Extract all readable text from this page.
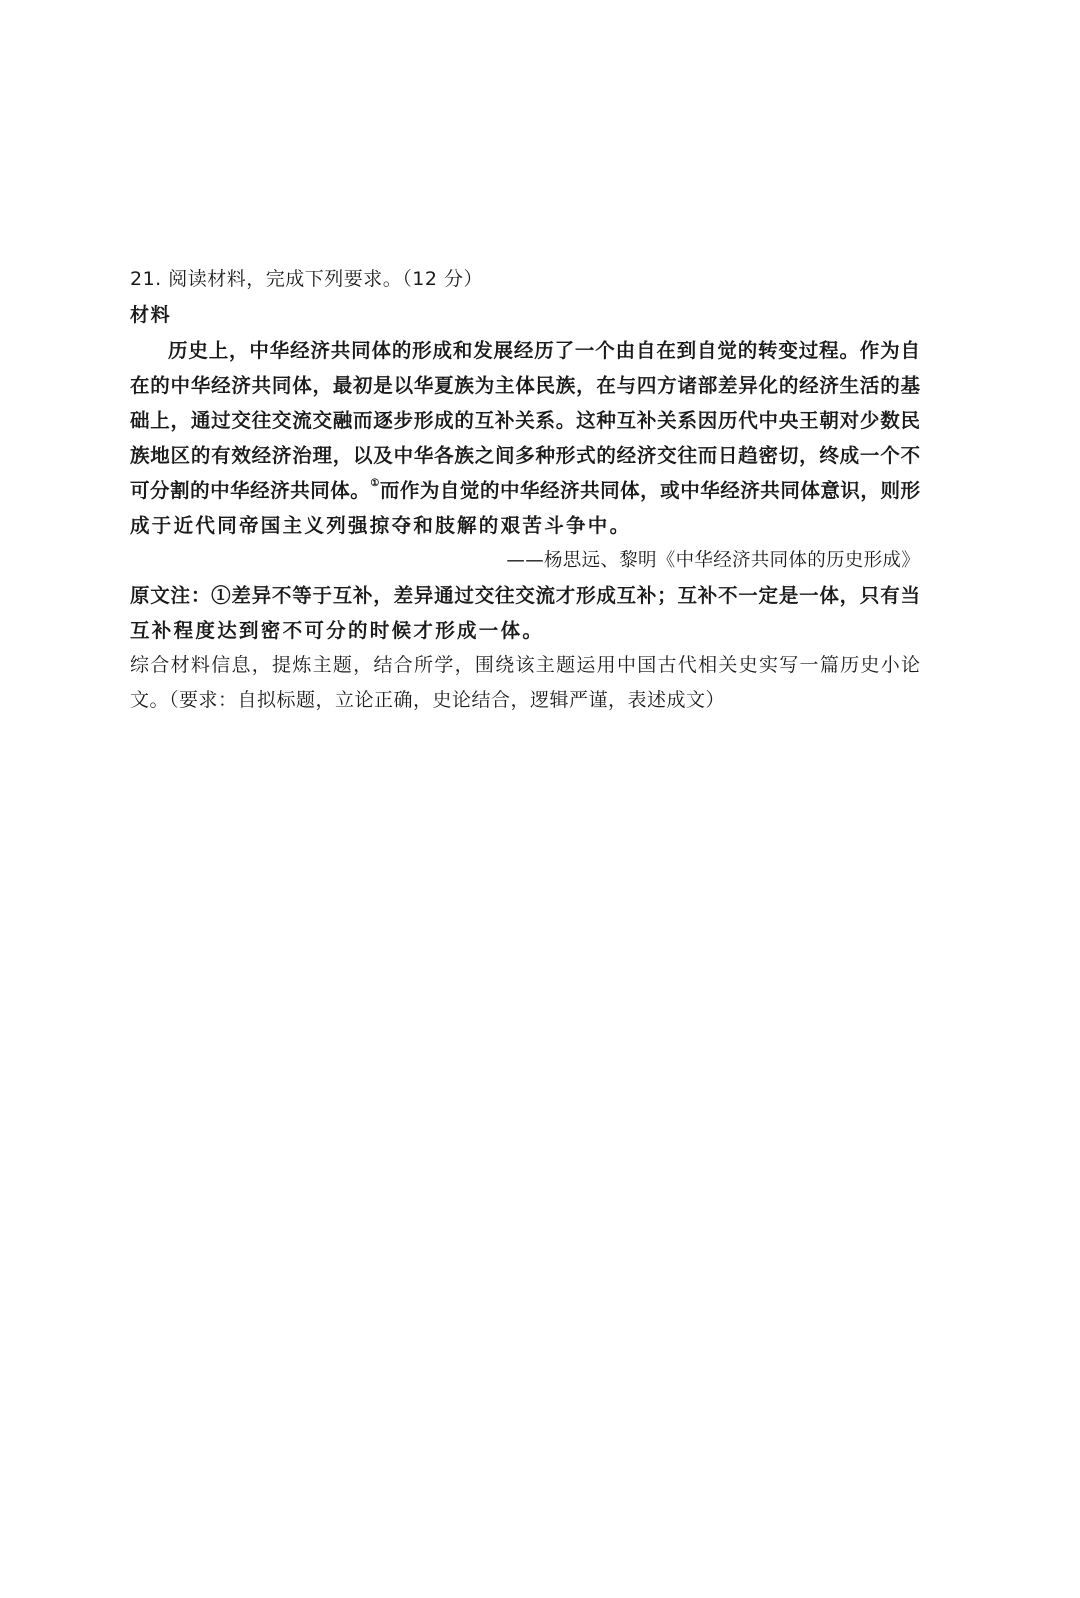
21. 阅读材料，完成下列要求。（12 分）
材料
历史上，中华经济共同体的形成和发展经历了一个由自在到自觉的转变过程。作为自
在的中华经济共同体，最初是以华夏族为主体民族，在与四方诸部差异化的经济生活的基
础上，通过交往交流交融而逐步形成的互补关系。这种互补关系因历代中央王朝对少数民
族地区的有效经济治理，以及中华各族之间多种形式的经济交往而日趋密切，终成一个不
可分割的中华经济共同体。①而作为自觉的中华经济共同体，或中华经济共同体意识，则形
成于近代同帝国主义列强掠夺和肢解的艰苦斗争中。
——杨思远、黎明《中华经济共同体的历史形成》
原文注：①差异不等于互补，差异通过交往交流才形成互补；互补不一定是一体，只有当
互补程度达到密不可分的时候才形成一体。
综合材料信息，提炼主题，结合所学，围绕该主题运用中国古代相关史实写一篇历史小论
文。（要求：自拟标题，立论正确，史论结合，逻辑严谨，表述成文）
